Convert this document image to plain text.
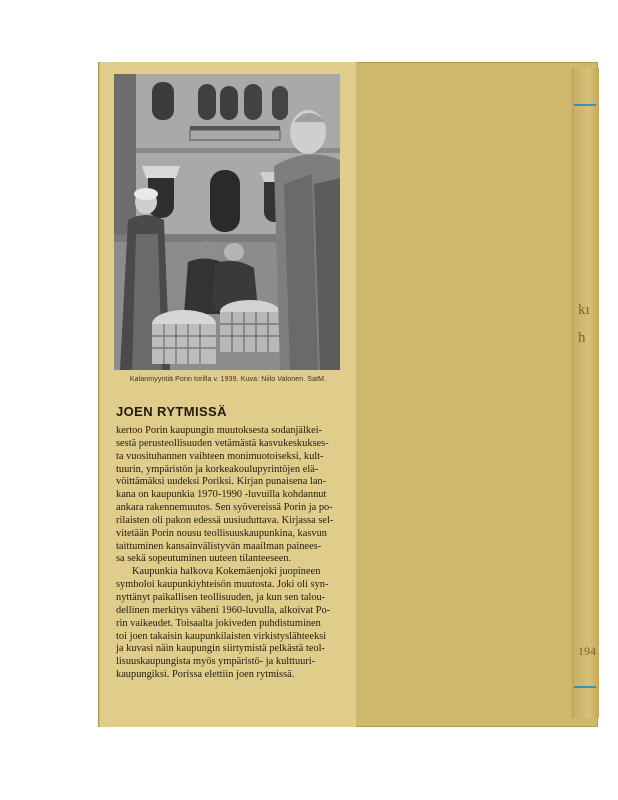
kı
h
194
Kalanmyyntiä Porin torilla v. 1939. Kuva: Niilo Valonen. SatM.
JOEN RYTMISSÄ

kertoo Porin kaupungin muutoksesta sodanjälkei-

sestä perusteollisuuden vetämästä kasvukeskukses-

ta vuosituhannen vaihteen monimuotoiseksi, kult-

tuurin, ympäristön ja korkeakoulupyrintöjen elä-

vöittämäksi uudeksi Poriksi. Kirjan punaisena lan-

kana on kaupunkia 1970-1990 -luvuilla kohdannut

ankara rakennemuutos. Sen syövereissä Porin ja po-

rilaisten oli pakon edessä uusiuduttava. Kirjassa sel-

vitetään Porin nousu teollisuuskaupunkina, kasvun

taittuminen kansainvälistyvän maailman painees-

sa sekä sopeutuminen uuteen tilanteeseen.

Kaupunkia halkova Kokemäenjoki juopineen

symboloi kaupunkiyhteisön muutosta. Joki oli syn-

nyttänyt paikallisen teollisuuden, ja kun sen talou-

dellinen merkitys väheni 1960-luvulla, alkoivat Po-

rin vaikeudet. Toisaalta jokiveden puhdistuminen

toi joen takaisin kaupunkilaisten virkistyslähteeksi

ja kuvasi näin kaupungin siirtymistä pelkästä teol-

lisuuskaupungista myös ympäristö- ja kulttuuri-

kaupungiksi. Porissa elettiin joen rytmissä.
